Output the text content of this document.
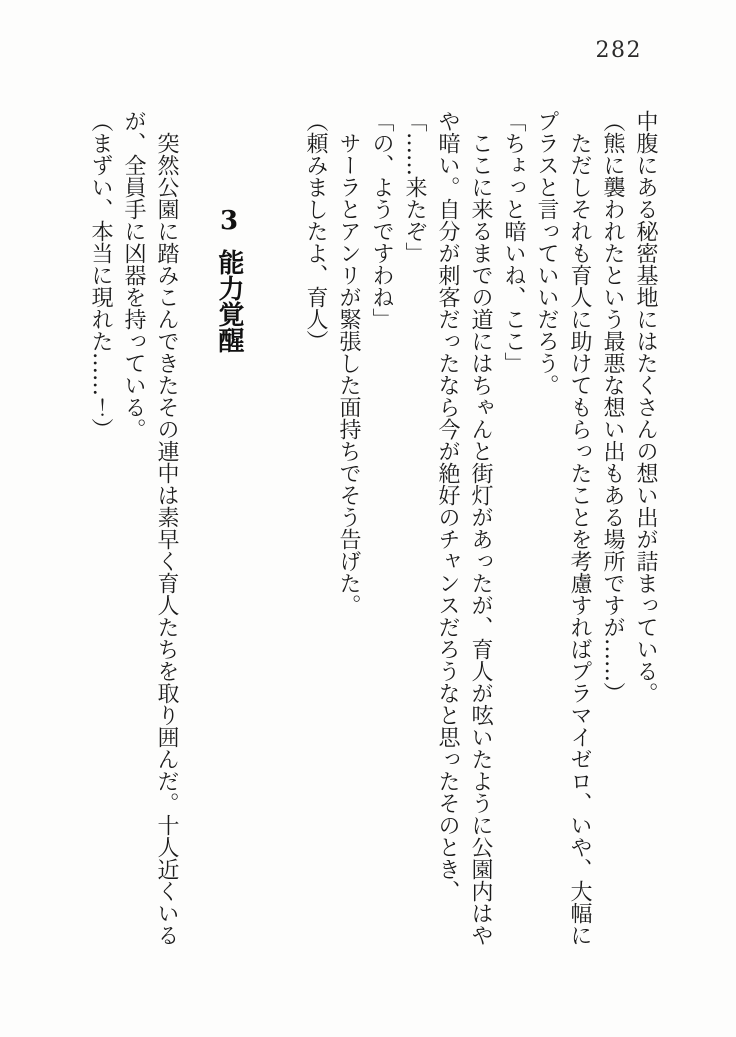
282

中腹にある秘密基地にはたくさんの想い出が詰まっている。

（熊に襲われたという最悪な想い出もある場所ですが……）

ただしそれも育人に助けてもらったことを考慮すればプラマイゼロ、いや、大幅にプラスと言っていいだろう。

「ちょっと暗いね、ここ」

ここに来るまでの道にはちゃんと街灯があったが、育人が呟いたように公園内はやや暗い。自分が刺客だったなら今が絶好のチャンスだろうなと思ったそのとき、

「……来たぞ」

「の、ようですわね」

サーラとアンリが緊張した面持ちでそう告げた。

（頼みましたよ、育人）

3能力覚醒

突然公園に踏みこんできたその連中は素早く育人たちを取り囲んだ。十人近くいるが、全員手に凶器を持っている。

（まずい、本当に現れた……！）
